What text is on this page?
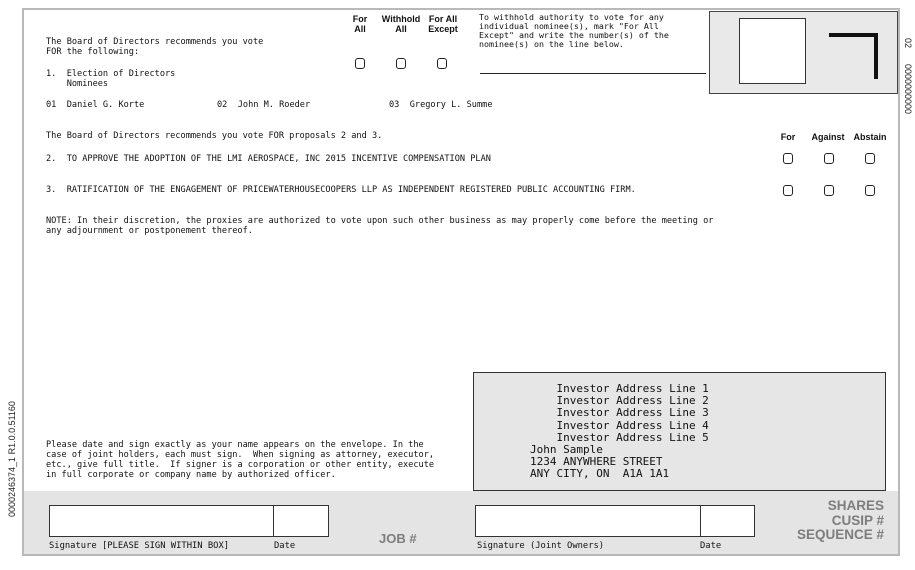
0000246374_1 R1.0.0.51160
02
0000000000
The Board of Directors recommends you vote
FOR the following:
1.  Election of Directors
Nominees
01 Daniel G. Korte	02 John M. Roeder	03 Gregory L. Summe
For
All
Withhold
All
For All
Except
To withhold authority to vote for any
individual nominee(s), mark "For All
Except" and write the number(s) of the
nominee(s) on the line below.
The Board of Directors recommends you vote FOR proposals 2 and 3.	For	Against Abstain
2.  TO APPROVE THE ADOPTION OF THE LMI AEROSPACE, INC 2015 INCENTIVE COMPENSATION PLAN
3.  RATIFICATION OF THE ENGAGEMENT OF PRICEWATERHOUSECOOPERS LLP AS INDEPENDENT REGISTERED PUBLIC ACCOUNTING FIRM.
NOTE: In their discretion, the proxies are authorized to vote upon such other business as may properly come before the meeting or
any adjournment or postponement thereof.
Investor Address Line 1
Investor Address Line 2
Investor Address Line 3
Investor Address Line 4
Investor Address Line 5
John Sample
1234 ANYWHERE STREET
ANY CITY, ON  A1A 1A1
Please date and sign exactly as your name appears on the envelope. In the
case of joint holders, each must sign.  When signing as attorney, executor,
etc., give full title.  If signer is a corporation or other entity, execute
in full corporate or company name by authorized officer.
Signature [PLEASE SIGN WITHIN BOX]	Date	JOB #	Signature (Joint Owners)	Date
SHARES
CUSIP #
SEQUENCE #
